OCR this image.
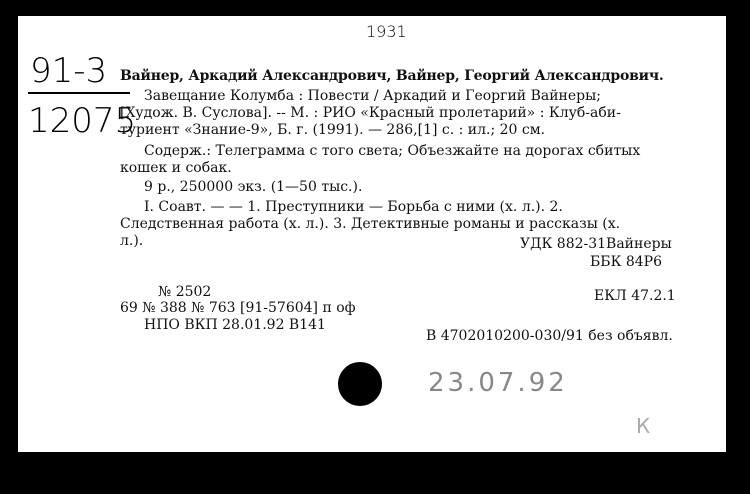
91-3
12075
1931
Вайнер, Аркадий Александрович, Вайнер, Георгий Александрович.
Завещание Колумба : Повести / Аркадий и Георгий Вайнеры;
[Худож. В. Суслова]. -- М. : РИО «Красный пролетарий» : Клуб-аби-
туриент «Знание-9», Б. г. (1991). — 286,[1] с. : ил.; 20 см.
Содерж.: Телеграмма с того света; Объезжайте на дорогах сбитых
кошек и собак.
9 р., 250000 экз. (1—50 тыс.).
I. Соавт. — — 1. Преступники — Борьба с ними (х. л.). 2.
Следственная работа (х. л.). 3. Детективные романы и рассказы (х.
л.).	УДК 882-31Вайнеры
ББК 84Р6
№ 2502	ЕКЛ 47.2.1
69 № 388 № 763 [91-57604] п оф
НПО ВКП 28.01.92 В141
В 4702010200-030/91 без объявл.
23.07.92
К
